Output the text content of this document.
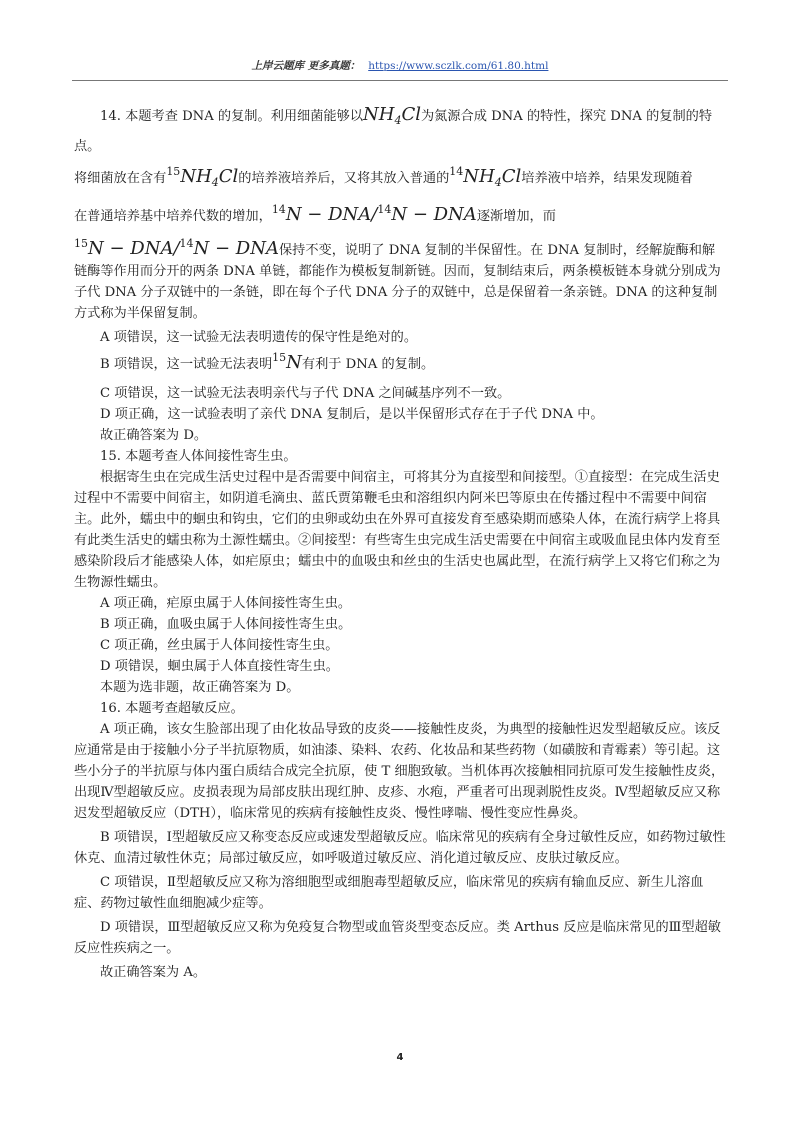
上岸云题库 更多真题： https://www.sczlk.com/61.80.html

14. 本题考查 DNA 的复制。利用细菌能够以$NH_4Cl$为氮源合成 DNA 的特性，探究 DNA 的复制的特点。

将细菌放在含有$^{15}NH_4Cl$的培养液培养后，又将其放入普通的$^{14}NH_4Cl$培养液中培养，结果发现随着

在普通培养基中培养代数的增加，$^{14}$N − DNA/$^{14}$N − DNA逐渐增加，而

$^{15}$N − DNA/$^{14}$N − DNA保持不变，说明了 DNA 复制的半保留性。在 DNA 复制时，经解旋酶和解链酶等作用而分开的两条 DNA 单链，都能作为模板复制新链。因而，复制结束后，两条模板链本身就分别成为子代 DNA 分子双链中的一条链，即在每个子代 DNA 分子的双链中，总是保留着一条亲链。DNA 的这种复制方式称为半保留复制。

A 项错误，这一试验无法表明遗传的保守性是绝对的。

B 项错误，这一试验无法表明$^{15}$N有利于 DNA 的复制。

C 项错误，这一试验无法表明亲代与子代 DNA 之间碱基序列不一致。

D 项正确，这一试验表明了亲代 DNA 复制后，是以半保留形式存在于子代 DNA 中。

故正确答案为 D。

15. 本题考查人体间接性寄生虫。

根据寄生虫在完成生活史过程中是否需要中间宿主，可将其分为直接型和间接型。①直接型：在完成生活史过程中不需要中间宿主，如阴道毛滴虫、蓝氏贾第鞭毛虫和溶组织内阿米巴等原虫在传播过程中不需要中间宿主。此外，蠕虫中的蛔虫和钩虫，它们的虫卵或幼虫在外界可直接发育至感染期而感染人体，在流行病学上将具有此类生活史的蠕虫称为土源性蠕虫。②间接型：有些寄生虫完成生活史需要在中间宿主或吸血昆虫体内发育至感染阶段后才能感染人体，如疟原虫；蠕虫中的血吸虫和丝虫的生活史也属此型，在流行病学上又将它们称之为生物源性蠕虫。

A 项正确，疟原虫属于人体间接性寄生虫。

B 项正确，血吸虫属于人体间接性寄生虫。

C 项正确，丝虫属于人体间接性寄生虫。

D 项错误，蛔虫属于人体直接性寄生虫。

本题为选非题，故正确答案为 D。

16. 本题考查超敏反应。

A 项正确，该女生脸部出现了由化妆品导致的皮炎——接触性皮炎，为典型的接触性迟发型超敏反应。该反应通常是由于接触小分子半抗原物质，如油漆、染料、农药、化妆品和某些药物（如磺胺和青霉素）等引起。这些小分子的半抗原与体内蛋白质结合成完全抗原，使 T 细胞致敏。当机体再次接触相同抗原可发生接触性皮炎，出现Ⅳ型超敏反应。皮损表现为局部皮肤出现红肿、皮疹、水疱，严重者可出现剥脱性皮炎。Ⅳ型超敏反应又称迟发型超敏反应（DTH），临床常见的疾病有接触性皮炎、慢性哮喘、慢性变应性鼻炎。

B 项错误，Ⅰ型超敏反应又称变态反应或速发型超敏反应。临床常见的疾病有全身过敏性反应，如药物过敏性休克、血清过敏性休克；局部过敏反应，如呼吸道过敏反应、消化道过敏反应、皮肤过敏反应。

C 项错误，Ⅱ型超敏反应又称为溶细胞型或细胞毒型超敏反应，临床常见的疾病有输血反应、新生儿溶血症、药物过敏性血细胞减少症等。

D 项错误，Ⅲ型超敏反应又称为免疫复合物型或血管炎型变态反应。类 Arthus 反应是临床常见的Ⅲ型超敏反应性疾病之一。

故正确答案为 A。

4
